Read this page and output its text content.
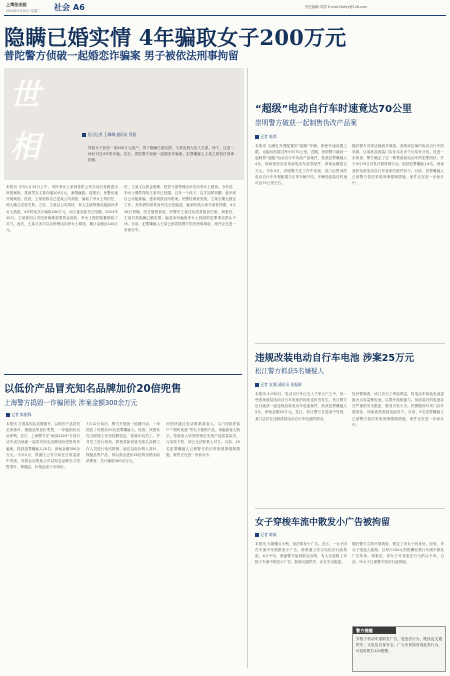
上海法治报
2024年4月30日 星期二 社会 A6	责任编辑/ 陈思 E-mail:fzbfyy@126.com
隐瞒已婚实情 4年骗取女子200万元
普陀警方侦破一起婚恋诈骗案 男子被依法刑事拘留
世相	见习记者 王琳琳 通讯员 蔡振
得知女子获得一笔300万元遗产，男子隐瞒已婚实情，与其发展为恋人关系。终于，这是一场针对近4年的诈骗。近日，普陀警方侦破一起婚恋诈骗案，犯罪嫌疑人王某已被依法刑事拘留。
本报讯 今年1月19日上午，市民李女士来到普陀公安分局长寿路派出所报案称，其被男友王某诈骗200万元，案情蹊跷。接报后，民警迅速开展调查。经查，王某谎称自己是某公司高管，骗取了李女士的信任，两人确立恋爱关系。之后，王某以公司周转、家人生病等理由陆续向李女士借款，4年时间共计骗取200万元，而王某实际早已结婚。2024年10月，王某称因公司经营困难需要资金周转，李女士便把积蓄借给了对方。此后，王某又多次以各种理由向李女士要钱，累计金额达140万元。
后，王某又以资金困难、投资亏损等理由多次向李女士借钱。今年初，李女士偶然得知王某早已结婚，且有一个孩子，这才如梦初醒，意识到自己可能被骗，遂来到派出所报案。民警经调查发现，王某长期无固定工作，其所谓的高管身份完全是编造，骗来的钱大部分被其挥霍。4月28日傍晚，经过缜密侦查，民警在王某住处将其抓获归案。到案后，王某对其隐瞒已婚实情、编造身份骗取李女士钱财的犯罪事实供认不讳。目前，犯罪嫌疑人王某已被普陀警方依法刑事拘留，案件正在进一步侦办中。
“超级”电动自行车时速竟达70公里
崇明警方破获一起制售伪改产品案
记者 陈铭
本报讯 当满足外观配置的“超级”车辆，即使车速设置上限，也能轻松超过每小时70公里。近期，崇明警方破获一起制售“超级”电动自行车伪改产品案件，抓获犯罪嫌疑人4名，现场查获各类伪改电动车及零配件，涉案金额超百万元。今年4月，崇明警方在工作中发现，某门店售卖的电动自行车外观配置与正常车辆不同，车辆经改装后时速可达70公里左右。
随后警方对该店铺展开调查，查明该店铺内电动自行车的来源，目前涉及改装门店在本市多个区均有分布。经进一步侦查，警方确定了这一销售改装电动车的犯罪团伙，并于4月25日对其开展收网行动，抓获犯罪嫌疑人4名，现场查获伪改电动自行车及相关配件若干。目前，犯罪嫌疑人已被警方依法采取刑事强制措施，案件正在进一步侦办中。
违规改装电动自行车电池 涉案25万元
松江警方抓获5名嫌疑人
记者 宣湘 通讯员 张振辉
本报讯 4月30日，电动自行车已走入千家万户之中，但一些违规改装电动自行车电池的现象也时有发生。松江警方近日破获一起违规改装电动车电池案件，抓获犯罪嫌疑人5名，涉案金额25万元。近日，松江警方在巡查中发现，某门店存在违规改装电动自行车电池的情况。
经民警调查，该门店为了牟取利益，将电动车原装电池更换为大容量锂电池，以提升续航能力。但改装后的电池存在严重的安全隐患，极易引发火灾。民警随即对该门店开展查处，现场查获改装电池若干。目前，5名犯罪嫌疑人已被警方依法采取刑事强制措施，案件正在进一步侦办中。
以低价产品冒充知名品牌加价20倍兜售
上海警方捣毁一诈骗团伙 涉案金额300余万元
记者 陈振锋
本报讯 打着某知名品牌旗号，以低价产品冒充名贵茶叶、保健品等加价兜售，一诈骗团伙以此牟利。近日，上海警方在“砺剑2024”专项行动中成功侦破一起冒充知名品牌加价兜售的诈骗案，抓获犯罪嫌疑人20名，涉案金额300余万元。今年2月，青浦区公安分局在日常巡查中发现，有群众反映某公司以知名品牌名义兜售茶叶、保健品，价格远高于市场价。
7月12日前后，警方开展统一抓捕行动，一举抓获了该团伙20名犯罪嫌疑人。经查，该团伙在互联网上发布招聘信息，招募年轻员工，并对员工进行培训，教授其如何冒充知名品牌工作人员进行电话推销。他们以低价购入茶叶、保健品等产品，再以高出进价20倍的价格卖给消费者，共计骗取300余万元。
该团伙通过电话联系被害人，以“回馈老客户”“限时优惠”等名义推销产品，诱骗被害人购买。待被害人收到货物后发现产品质量低劣、与宣传不符，却已无法联系上对方。目前，20名犯罪嫌疑人已被警方依法采取刑事强制措施，案件正在进一步侦办中。
女子穿梭车流中散发小广告被拘留
记者 陈鼓
本报讯 为图赚点小利，违法散发小广告。近日，一女子因在车流中穿梭散发小广告，被黄浦公安分局依法行政拘留。4月中旬，黄浦警方接到群众反映，有人在道路上穿梭于车流中散发小广告，影响交通秩序，存在安全隐患。
随后警方立即开展调查，锁定了该女子的身份。经查，该女子受他人雇佣，以每天100元的报酬在路口车流中散发广告传单。到案后，该女子对其违法行为供认不讳。目前，该女子已被警方依法行政拘留。
警方提醒
穿梭于机动车道散发广告，是违法行为，既扰乱交通秩序，又危及自身安全。广大市民如发现此类行为，可及时拨打110报警。
